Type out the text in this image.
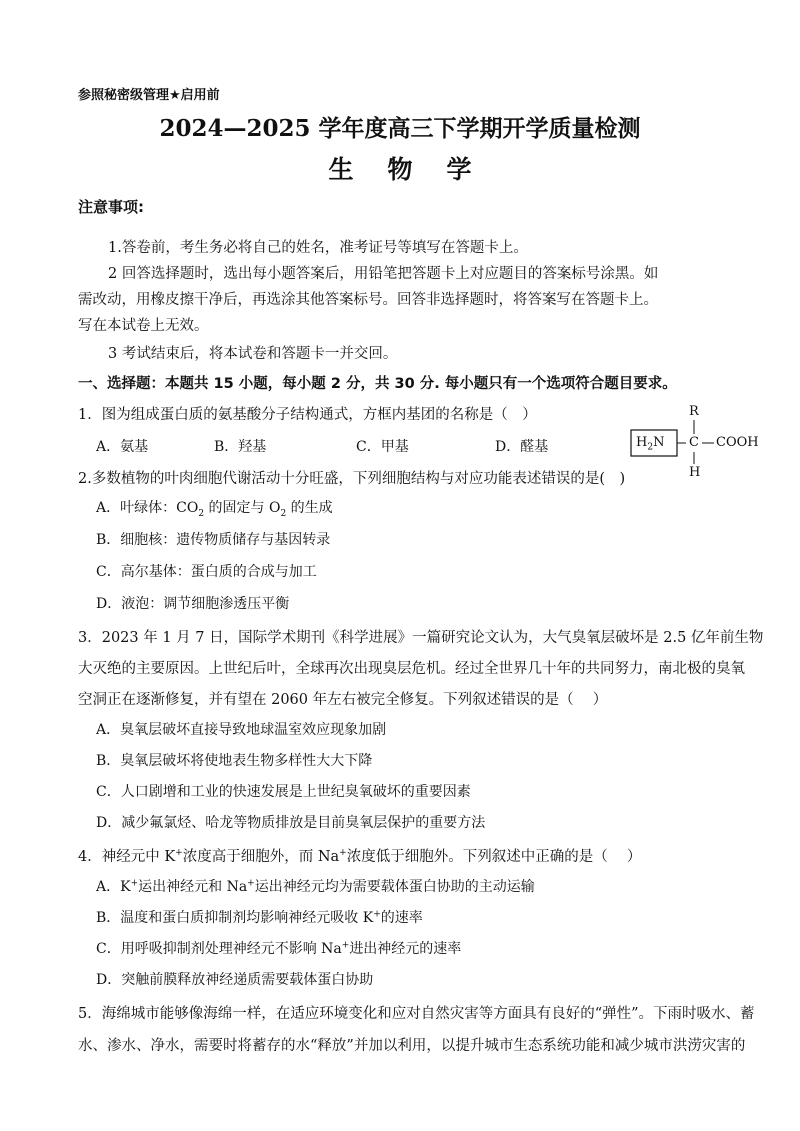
参照秘密级管理★启用前
2024—2025 学年度高三下学期开学质量检测
生物学
注意事项:
1.答卷前，考生务必将自己的姓名，准考证号等填写在答题卡上。
2 回答选择题时，选出每小题答案后，用铅笔把答题卡上对应题目的答案标号涂黑。如
需改动，用橡皮擦干净后，再选涂其他答案标号。回答非选择题时，将答案写在答题卡上。
写在本试卷上无效。
3 考试结束后，将本试卷和答题卡一并交回。
一、选择题：本题共 15 小题，每小题 2 分，共 30 分. 每小题只有一个选项符合题目要求。
1．图为组成蛋白质的氨基酸分子结构通式，方框内基团的名称是（　）
A．氨基	B．羟基	C．甲基	D．醛基
R
$H_2N$ C COOH
H
2.多数植物的叶肉细胞代谢活动十分旺盛，下列细胞结构与对应功能表述错误的是(　)
A．叶绿体：$CO_2$ 的固定与 $O_2$ 的生成
B．细胞核：遗传物质储存与基因转录
C．高尔基体：蛋白质的合成与加工
D．液泡：调节细胞渗透压平衡
3．2023 年 1 月 7 日，国际学术期刊《科学进展》一篇研究论文认为，大气臭氧层破坏是 2.5 亿年前生物
大灭绝的主要原因。上世纪后叶，全球再次出现臭层危机。经过全世界几十年的共同努力，南北极的臭氧
空洞正在逐渐修复，并有望在 2060 年左右被完全修复。下列叙述错误的是（　 ）
A．臭氧层破坏直接导致地球温室效应现象加剧
B．臭氧层破坏将使地表生物多样性大大下降
C．人口剧增和工业的快速发展是上世纪臭氧破坏的重要因素
D．减少氟氯烃、哈龙等物质排放是目前臭氧层保护的重要方法
4．神经元中 K+浓度高于细胞外，而 Na+浓度低于细胞外。下列叙述中正确的是（　 ）
A．K+运出神经元和 Na+运出神经元均为需要载体蛋白协助的主动运输
B．温度和蛋白质抑制剂均影响神经元吸收 K+的速率
C．用呼吸抑制剂处理神经元不影响 Na+进出神经元的速率
D．突触前膜释放神经递质需要载体蛋白协助
5．海绵城市能够像海绵一样，在适应环境变化和应对自然灾害等方面具有良好的“弹性”。下雨时吸水、蓄
水、渗水、净水，需要时将蓄存的水“释放”并加以利用，以提升城市生态系统功能和减少城市洪涝灾害的
